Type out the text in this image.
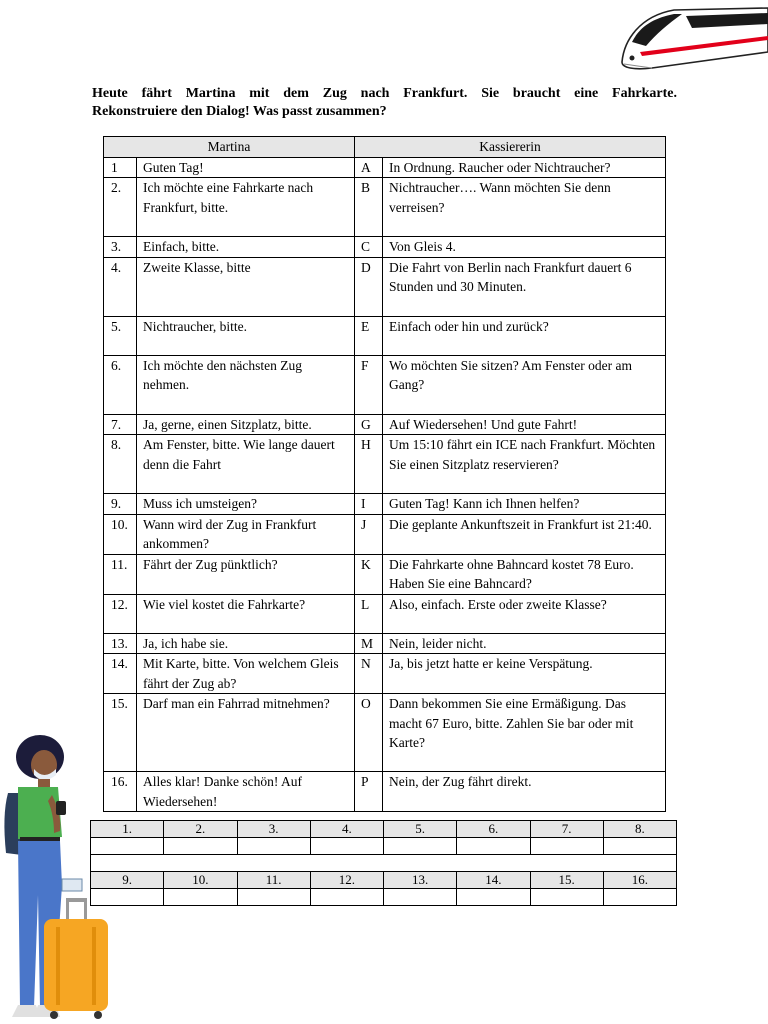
Heute fährt Martina mit dem Zug nach Frankfurt. Sie braucht eine Fahrkarte.
Rekonstruiere den Dialog! Was passt zusammen?
Martina		Kassiererin	
1	Guten Tag!	A	In Ordnung. Raucher oder Nichtraucher?
2.	Ich möchte eine Fahrkarte nach Frankfurt, bitte.	B	Nichtraucher…. Wann möchten Sie denn verreisen?
3.	Einfach, bitte.	C	Von Gleis 4.
4.	Zweite Klasse, bitte	D	Die Fahrt von Berlin nach Frankfurt dauert 6 Stunden und 30 Minuten.
5.	Nichtraucher, bitte.	E	Einfach oder hin und zurück?
6.	Ich möchte den nächsten Zug nehmen.	F	Wo möchten Sie sitzen? Am Fenster oder am Gang?
7.	Ja, gerne, einen Sitzplatz, bitte.	G	Auf Wiedersehen! Und gute Fahrt!
8.	Am Fenster, bitte. Wie lange dauert denn die Fahrt	H	Um 15:10 fährt ein ICE nach Frankfurt. Möchten Sie einen Sitzplatz reservieren?
9.	Muss ich umsteigen?	I	Guten Tag! Kann ich Ihnen helfen?
10.	Wann wird der Zug in Frankfurt ankommen?	J	Die geplante Ankunftszeit in Frankfurt ist 21:40.
11.	Fährt der Zug pünktlich?	K	Die Fahrkarte ohne Bahncard kostet 78 Euro. Haben Sie eine Bahncard?
12.	Wie viel kostet die Fahrkarte?	L	Also, einfach. Erste oder zweite Klasse?
13.	Ja, ich habe sie.	M	Nein, leider nicht.
14.	Mit Karte, bitte. Von welchem Gleis fährt der Zug ab?	N	Ja, bis jetzt hatte er keine Verspätung.
15.	Darf man ein Fahrrad mitnehmen?	O	Dann bekommen Sie eine Ermäßigung. Das macht 67 Euro, bitte. Zahlen Sie bar oder mit Karte?
16.	Alles klar! Danke schön! Auf Wiedersehen!	P	Nein, der Zug fährt direkt.
1.	2.	3.	4.	5.	6.	7.	8.

9.	10.	11.	12.	13.	14.	15.	16.
